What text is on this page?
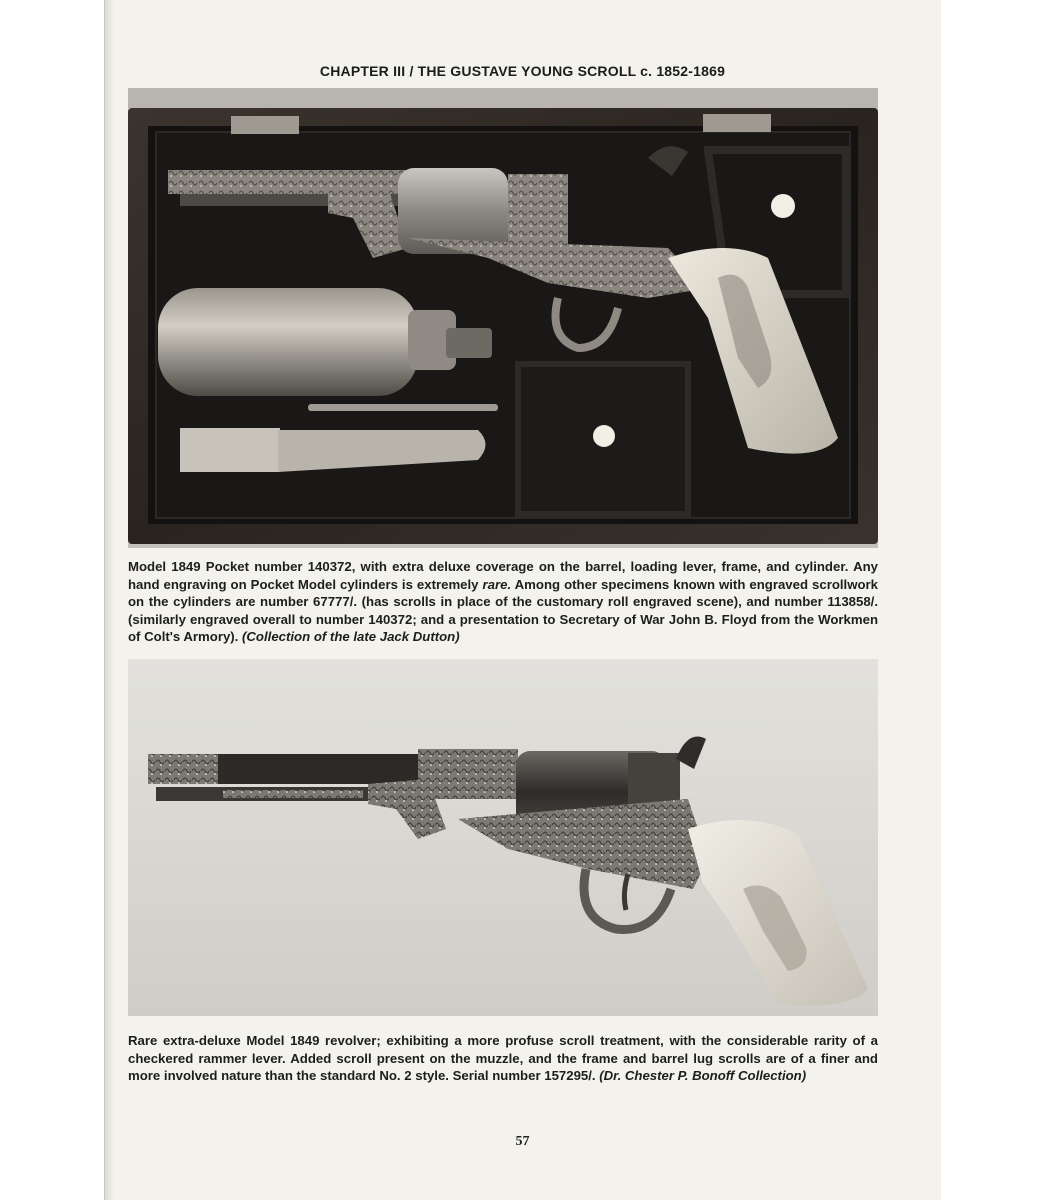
CHAPTER III / THE GUSTAVE YOUNG SCROLL c. 1852-1869

Model 1849 Pocket number 140372, with extra deluxe coverage on the barrel, loading lever, frame, and cylinder. Any hand engraving on Pocket Model cylinders is extremely rare. Among other specimens known with engraved scrollwork on the cylinders are number 67777/. (has scrolls in place of the customary roll engraved scene), and number 113858/. (similarly engraved overall to number 140372; and a presentation to Secretary of War John B. Floyd from the Workmen of Colt's Armory). (Collection of the late Jack Dutton)

Rare extra-deluxe Model 1849 revolver; exhibiting a more profuse scroll treatment, with the considerable rarity of a checkered rammer lever. Added scroll present on the muzzle, and the frame and barrel lug scrolls are of a finer and more involved nature than the standard No. 2 style. Serial number 157295/. (Dr. Chester P. Bonoff Collection)

57
